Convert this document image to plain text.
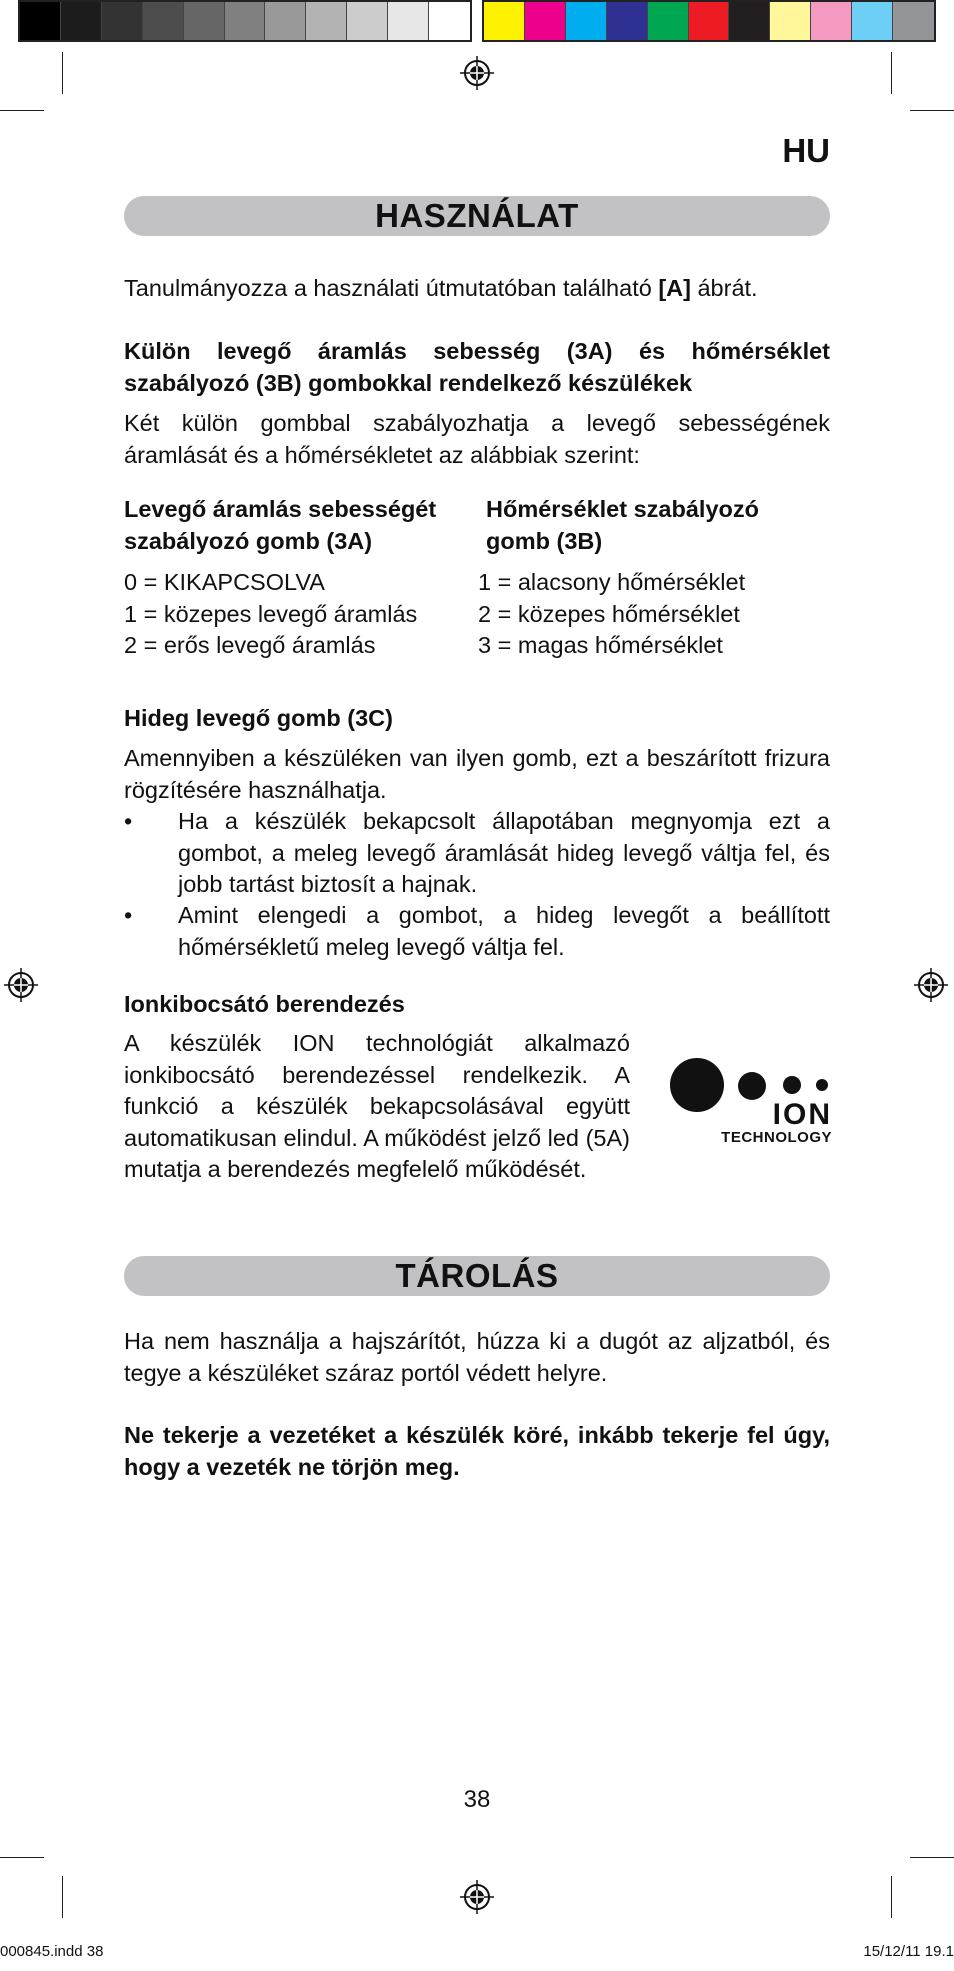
HU
HASZNÁLAT
Tanulmányozza a használati útmutatóban található [A] ábrát.
Külön levegő áramlás sebesség (3A) és hőmérséklet szabályozó (3B) gombokkal rendelkező készülékek
Két külön gombbal szabályozhatja a levegő sebességének áramlását és a hőmérsékletet az alábbiak szerint:
Levegő áramlás sebességét szabályozó gomb (3A)
Hőmérséklet szabályozó gomb (3B)
0 = KIKAPCSOLVA
1 = közepes levegő áramlás
2 = erős levegő áramlás
1 = alacsony hőmérséklet
2 = közepes hőmérséklet
3 = magas hőmérséklet
Hideg levegő gomb (3C)
Amennyiben a készüléken van ilyen gomb, ezt a beszárított frizura rögzítésére használhatja.
• Ha a készülék bekapcsolt állapotában megnyomja ezt a gombot, a meleg levegő áramlását hideg levegő váltja fel, és jobb tartást biztosít a hajnak.
• Amint elengedi a gombot, a hideg levegőt a beállított hőmérsékletű meleg levegő váltja fel.
Ionkibocsátó berendezés
A készülék ION technológiát alkalmazó ionkibocsátó berendezéssel rendelkezik. A funkció a készülék bekapcsolásával együtt automatikusan elindul. A működést jelző led (5A) mutatja a berendezés megfelelő működését.
ION
TECHNOLOGY
TÁROLÁS
Ha nem használja a hajszárítót, húzza ki a dugót az aljzatból, és tegye a készüléket száraz portól védett helyre.
Ne tekerje a vezetéket a készülék köré, inkább tekerje fel úgy, hogy a vezeték ne törjön meg.
38
000845.indd 38	15/12/11 19.1
